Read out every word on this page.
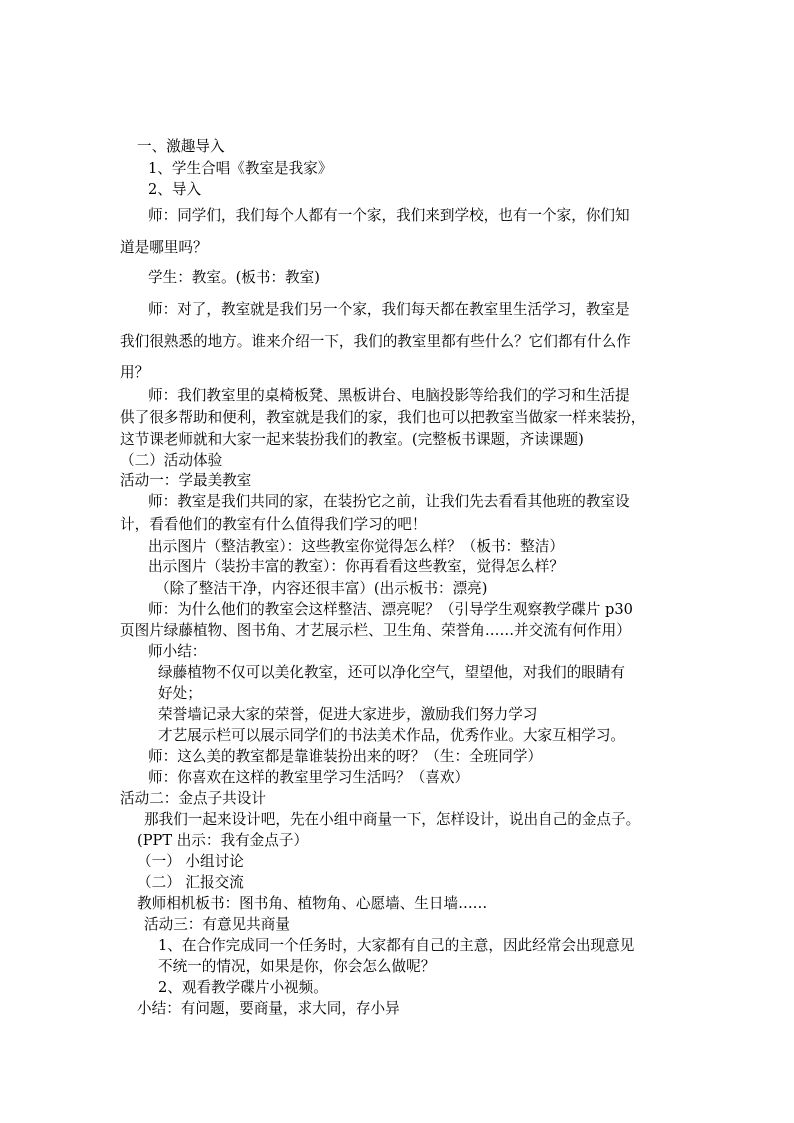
一、激趣导入
1、学生合唱《教室是我家》
2、导入
师：同学们，我们每个人都有一个家，我们来到学校，也有一个家，你们知
道是哪里吗？
学生：教室。(板书：教室)
师：对了，教室就是我们另一个家，我们每天都在教室里生活学习，教室是
我们很熟悉的地方。谁来介绍一下，我们的教室里都有些什么？它们都有什么作
用？
师：我们教室里的桌椅板凳、黑板讲台、电脑投影等给我们的学习和生活提
供了很多帮助和便利，教室就是我们的家，我们也可以把教室当做家一样来装扮，
这节课老师就和大家一起来装扮我们的教室。(完整板书课题，齐读课题)
（二）活动体验
活动一：学最美教室
师：教室是我们共同的家，在装扮它之前，让我们先去看看其他班的教室设
计，看看他们的教室有什么值得我们学习的吧！
出示图片（整洁教室）：这些教室你觉得怎么样？（板书：整洁）
出示图片（装扮丰富的教室）：你再看看这些教室，觉得怎么样？
（除了整洁干净，内容还很丰富）(出示板书：漂亮)
师：为什么他们的教室会这样整洁、漂亮呢？（引导学生观察教学碟片 p30
页图片绿藤植物、图书角、才艺展示栏、卫生角、荣誉角……并交流有何作用）
师小结：
绿藤植物不仅可以美化教室，还可以净化空气，望望他，对我们的眼睛有
好处；
荣誉墙记录大家的荣誉，促进大家进步，激励我们努力学习
才艺展示栏可以展示同学们的书法美术作品，优秀作业。大家互相学习。
师：这么美的教室都是靠谁装扮出来的呀？（生：全班同学）
师：你喜欢在这样的教室里学习生活吗？（喜欢）
活动二：金点子共设计
那我们一起来设计吧，先在小组中商量一下，怎样设计，说出自己的金点子。
(PPT 出示：我有金点子）
（一） 小组讨论
（二） 汇报交流
教师相机板书：图书角、植物角、心愿墙、生日墙……
活动三：有意见共商量
1、在合作完成同一个任务时，大家都有自己的主意，因此经常会出现意见
不统一的情况，如果是你，你会怎么做呢？
2、观看教学碟片小视频。
小结：有问题，要商量，求大同，存小异
